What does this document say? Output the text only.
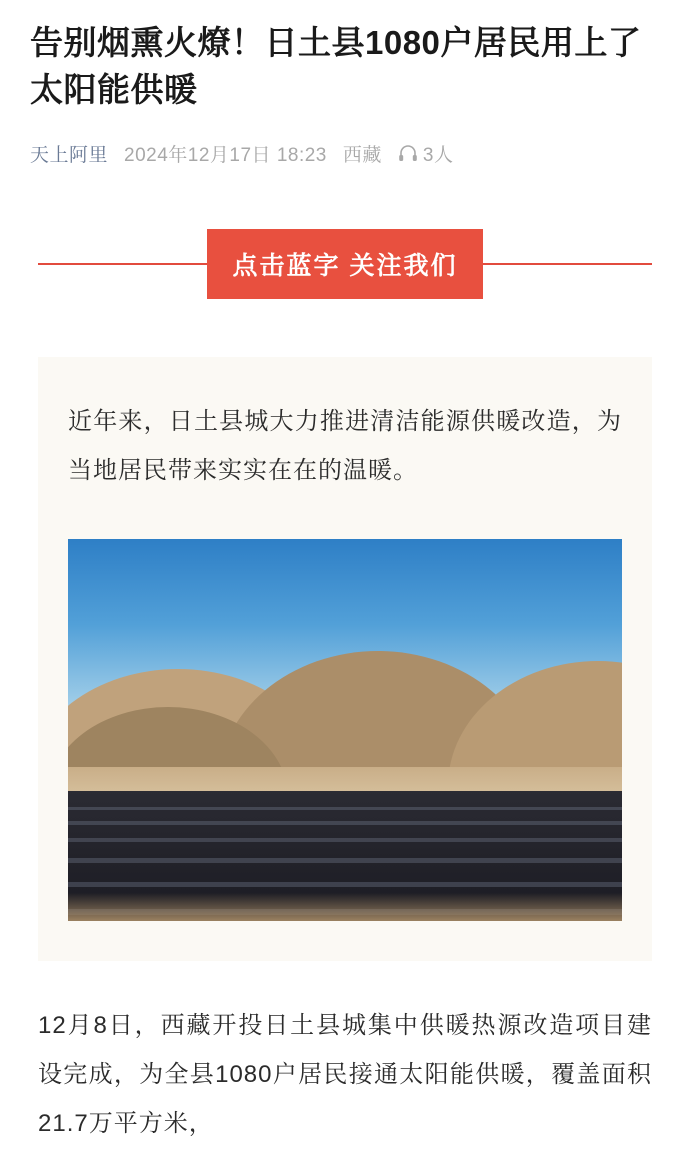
告别烟熏火燎！日土县1080户居民用上了太阳能供暖
天上阿里 2024年12月17日 18:23 西藏 3人
点击蓝字 关注我们

近年来，日土县城大力推进清洁能源供暖改造，为当地居民带来实实在在的温暖。

12月8日，西藏开投日土县城集中供暖热源改造项目建设完成，为全县1080户居民接通太阳能供暖，覆盖面积21.7万平方米，
